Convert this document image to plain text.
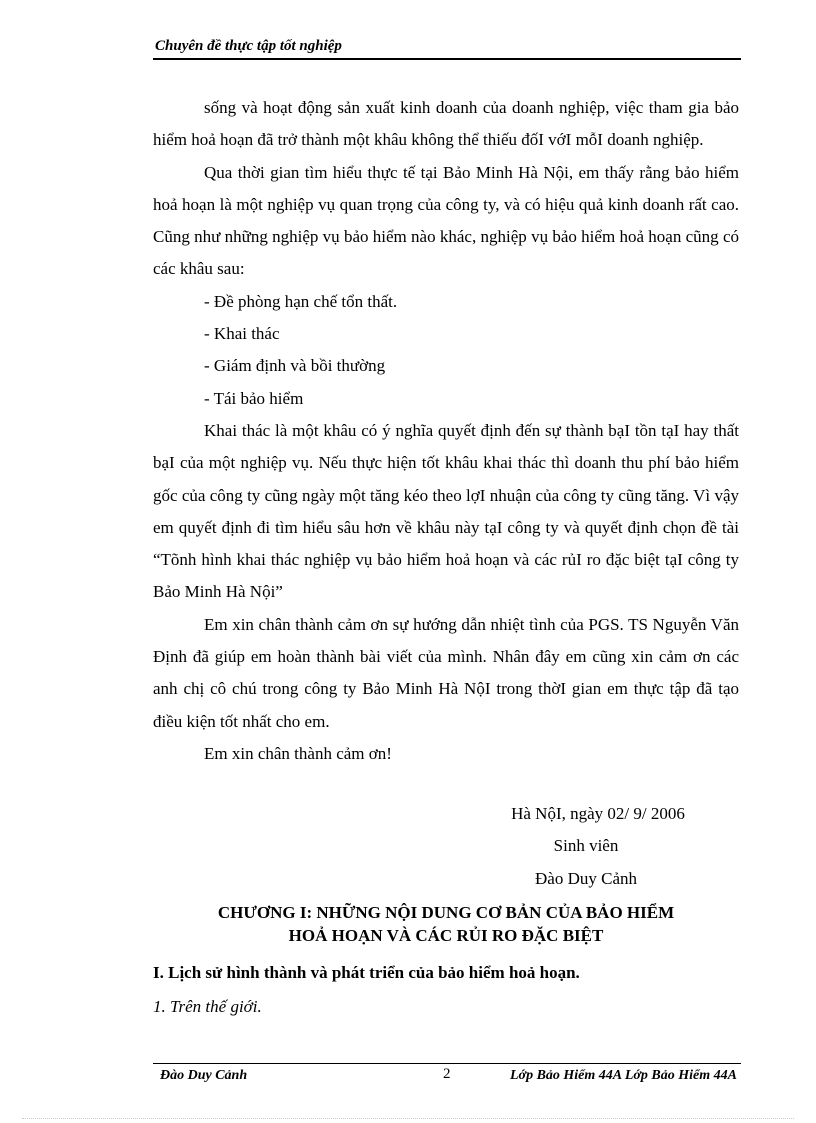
Chuyên đề thực tập tốt nghiệp

sống và hoạt động sản xuất kinh doanh của doanh nghiệp, việc tham gia bảo hiểm hoả hoạn đã trở thành một khâu không thể thiếu đốI vớI mỗI doanh nghiệp.

Qua thời gian tìm hiểu thực tế tại Bảo Minh Hà Nội, em thấy rằng bảo hiểm hoả hoạn là một nghiệp vụ quan trọng của công ty, và có hiệu quả kinh doanh rất cao. Cũng như những nghiệp vụ bảo hiểm nào khác, nghiệp vụ bảo hiểm hoả hoạn cũng có các khâu sau:

- Đề phòng hạn chế tổn thất.

- Khai thác

- Giám định và bồi thường

- Tái bảo hiểm

Khai thác là một khâu có ý nghĩa quyết định đến sự thành bạI tồn tạI hay thất bạI của một nghiệp vụ. Nếu thực hiện tốt khâu khai thác thì doanh thu phí bảo hiểm gốc của công ty cũng ngày một tăng kéo theo lợI nhuận của công ty cũng tăng. Vì vậy em quyết định đi tìm hiểu sâu hơn về khâu này tạI công ty và quyết định chọn đề tài “Tõnh hình khai thác nghiệp vụ bảo hiểm hoả hoạn và các rủI ro đặc biệt tạI công ty Bảo Minh Hà Nội”

Em xin chân thành cảm ơn sự hướng dẫn nhiệt tình của PGS. TS Nguyễn Văn Định đã giúp em hoàn thành bài viết của mình. Nhân đây em cũng xin cảm ơn các anh chị cô chú trong công ty Bảo Minh Hà NộI trong thờI gian em thực tập đã tạo điều kiện tốt nhất cho em.

Em xin chân thành cảm ơn!

Hà NộI, ngày 02/ 9/ 2006
Sinh viên
Đào Duy Cảnh
CHƯƠNG I: NHỮNG NỘI DUNG CƠ BẢN CỦA BẢO HIỂM
HOẢ HOẠN VÀ CÁC RỦI RO ĐẶC BIỆT
I. Lịch sử hình thành và phát triển của bảo hiểm hoả hoạn.
1. Trên thế giới.
Đào Duy Cảnh	2	Lớp Bảo Hiểm 44A Lớp Bảo Hiểm 44A
